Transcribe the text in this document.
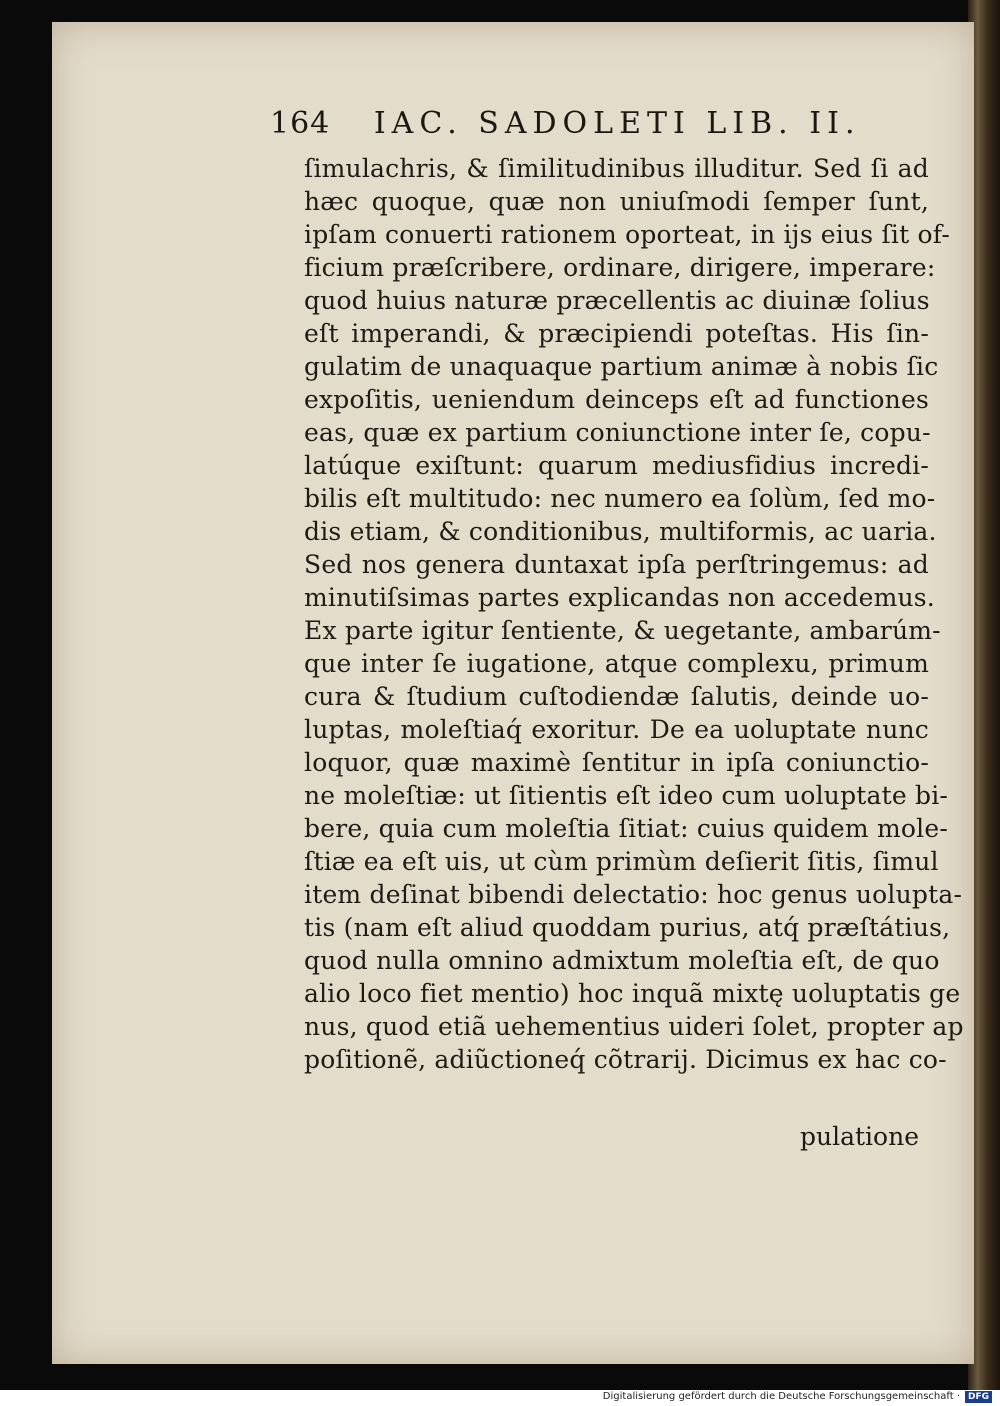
164 IAC. SADOLETI LIB. II.
ſimulachris, & ſimilitudinibus illuditur. Sed ſi ad
hæc quoque, quæ non uniuſmodi ſemper ſunt,
ipſam conuerti rationem oporteat, in ijs eius ſit of-
ficium præſcribere, ordinare, dirigere, imperare:
quod huius naturæ præcellentis ac diuinæ ſolius
eſt imperandi, & præcipiendi poteſtas. His ſin-
gulatim de unaquaque partium animæ à nobis ſic
expoſitis, ueniendum deinceps eſt ad functiones
eas, quæ ex partium coniunctione inter ſe, copu-
latúque exiſtunt: quarum mediusfidius incredi-
bilis eſt multitudo: nec numero ea ſolùm, ſed mo-
dis etiam, & conditionibus, multiformis, ac uaria.
Sed nos genera duntaxat ipſa perſtringemus: ad
minutiſsimas partes explicandas non accedemus.
Ex parte igitur ſentiente, & uegetante, ambarúm-
que inter ſe iugatione, atque complexu, primum
cura & ſtudium cuſtodiendæ ſalutis, deinde uo-
luptas, moleſtiaq́ exoritur. De ea uoluptate nunc
loquor, quæ maximè ſentitur in ipſa coniunctio-
ne moleſtiæ: ut ſitientis eſt ideo cum uoluptate bi-
bere, quia cum moleſtia ſitiat: cuius quidem mole-
ſtiæ ea eſt uis, ut cùm primùm deſierit ſitis, ſimul
item deſinat bibendi delectatio: hoc genus uolupta-
tis (nam eſt aliud quoddam purius, atq́ præſtátius,
quod nulla omnino admixtum moleſtia eſt, de quo
alio loco fiet mentio) hoc inquã mixtę uoluptatis ge
nus, quod etiã uehementius uideri ſolet, propter ap
poſitionẽ, adiũctioneq́ cõtrarij. Dicimus ex hac co-
pulatione
Digitalisierung gefördert durch die Deutsche Forschungsgemeinschaft · DFG
